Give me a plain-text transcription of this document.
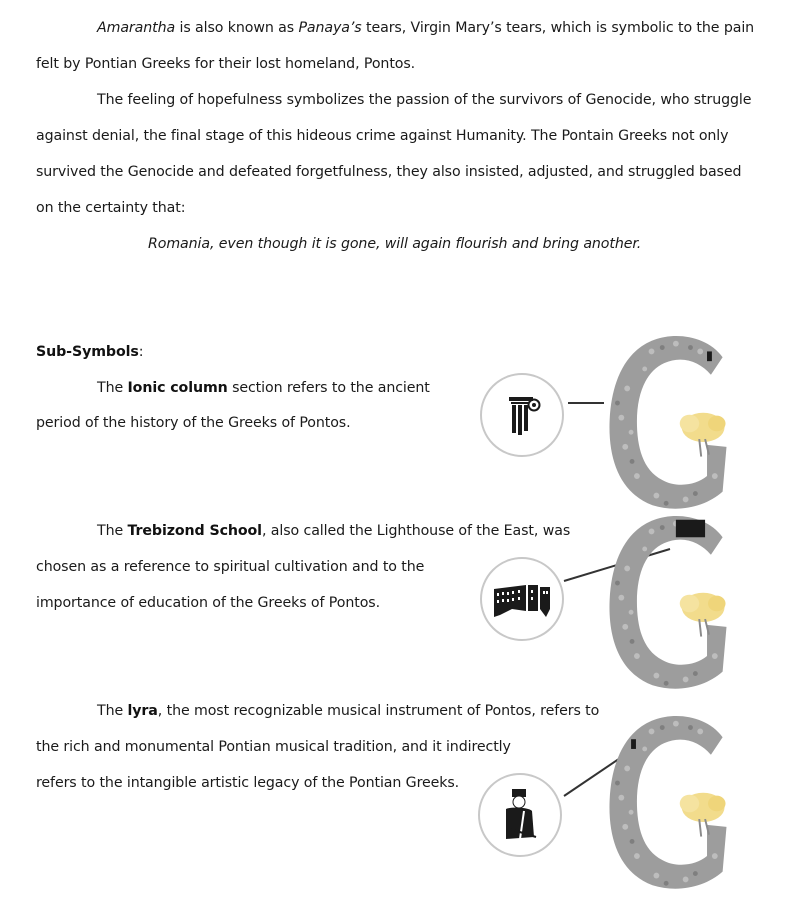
Amarantha is also known as Panaya’s tears, Virgin Mary’s tears, which is symbolic to the pain
felt by Pontian Greeks for their lost homeland, Pontos.
The feeling of hopefulness symbolizes the passion of the survivors of Genocide, who struggle
against denial, the final stage of this hideous crime against Humanity. The Pontain Greeks not only
survived the Genocide and defeated forgetfulness, they also insisted, adjusted, and struggled based
on the certainty that:
Romania, even though it is gone, will again flourish and bring another.
Sub-Symbols:
The Ionic column section refers to the ancient
period of the history of the Greeks of Pontos.
The Trebizond School, also called the Lighthouse of the East, was
chosen as a reference to spiritual cultivation and to the
importance of education of the Greeks of Pontos.
The lyra, the most recognizable musical instrument of Pontos, refers to
the rich and monumental Pontian musical tradition, and it indirectly
refers to the intangible artistic legacy of the Pontian Greeks.
